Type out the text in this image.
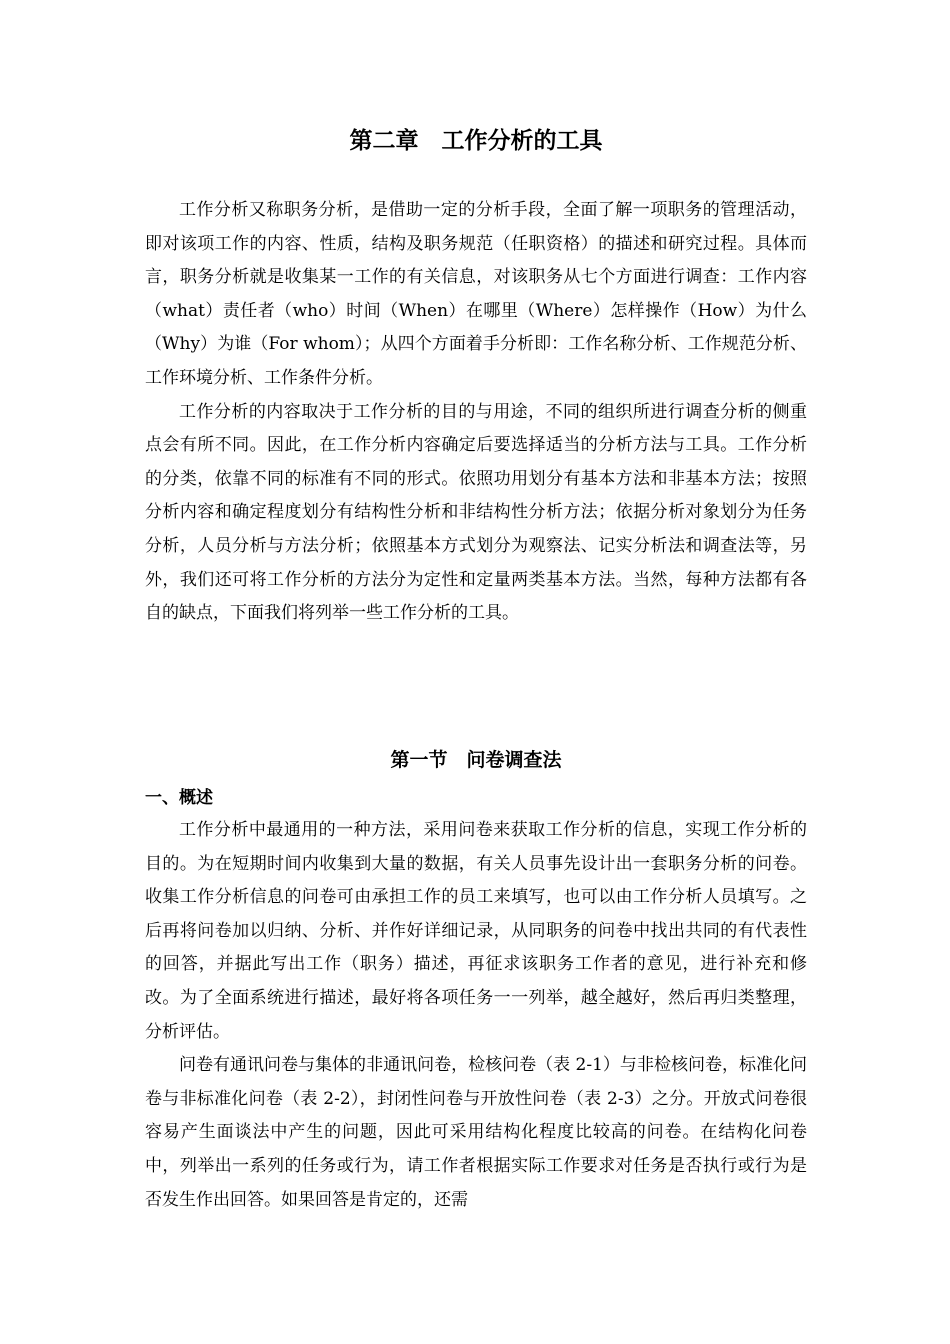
第二章　工作分析的工具

工作分析又称职务分析，是借助一定的分析手段，全面了解一项职务的管理活动，即对该项工作的内容、性质，结构及职务规范（任职资格）的描述和研究过程。具体而言，职务分析就是收集某一工作的有关信息，对该职务从七个方面进行调查：工作内容（what）责任者（who）时间（When）在哪里（Where）怎样操作（How）为什么（Why）为谁（For whom）；从四个方面着手分析即：工作名称分析、工作规范分析、工作环境分析、工作条件分析。

工作分析的内容取决于工作分析的目的与用途，不同的组织所进行调查分析的侧重点会有所不同。因此，在工作分析内容确定后要选择适当的分析方法与工具。工作分析的分类，依靠不同的标准有不同的形式。依照功用划分有基本方法和非基本方法；按照分析内容和确定程度划分有结构性分析和非结构性分析方法；依据分析对象划分为任务分析，人员分析与方法分析；依照基本方式划分为观察法、记实分析法和调查法等，另外，我们还可将工作分析的方法分为定性和定量两类基本方法。当然，每种方法都有各自的缺点，下面我们将列举一些工作分析的工具。

第一节　问卷调查法
一、概述

工作分析中最通用的一种方法，采用问卷来获取工作分析的信息，实现工作分析的目的。为在短期时间内收集到大量的数据，有关人员事先设计出一套职务分析的问卷。收集工作分析信息的问卷可由承担工作的员工来填写，也可以由工作分析人员填写。之后再将问卷加以归纳、分析、并作好详细记录，从同职务的问卷中找出共同的有代表性的回答，并据此写出工作（职务）描述，再征求该职务工作者的意见，进行补充和修改。为了全面系统进行描述，最好将各项任务一一列举，越全越好，然后再归类整理，分析评估。

问卷有通讯问卷与集体的非通讯问卷，检核问卷（表 2-1）与非检核问卷，标准化问卷与非标准化问卷（表 2-2），封闭性问卷与开放性问卷（表 2-3）之分。开放式问卷很容易产生面谈法中产生的问题，因此可采用结构化程度比较高的问卷。在结构化问卷中，列举出一系列的任务或行为，请工作者根据实际工作要求对任务是否执行或行为是否发生作出回答。如果回答是肯定的，还需
